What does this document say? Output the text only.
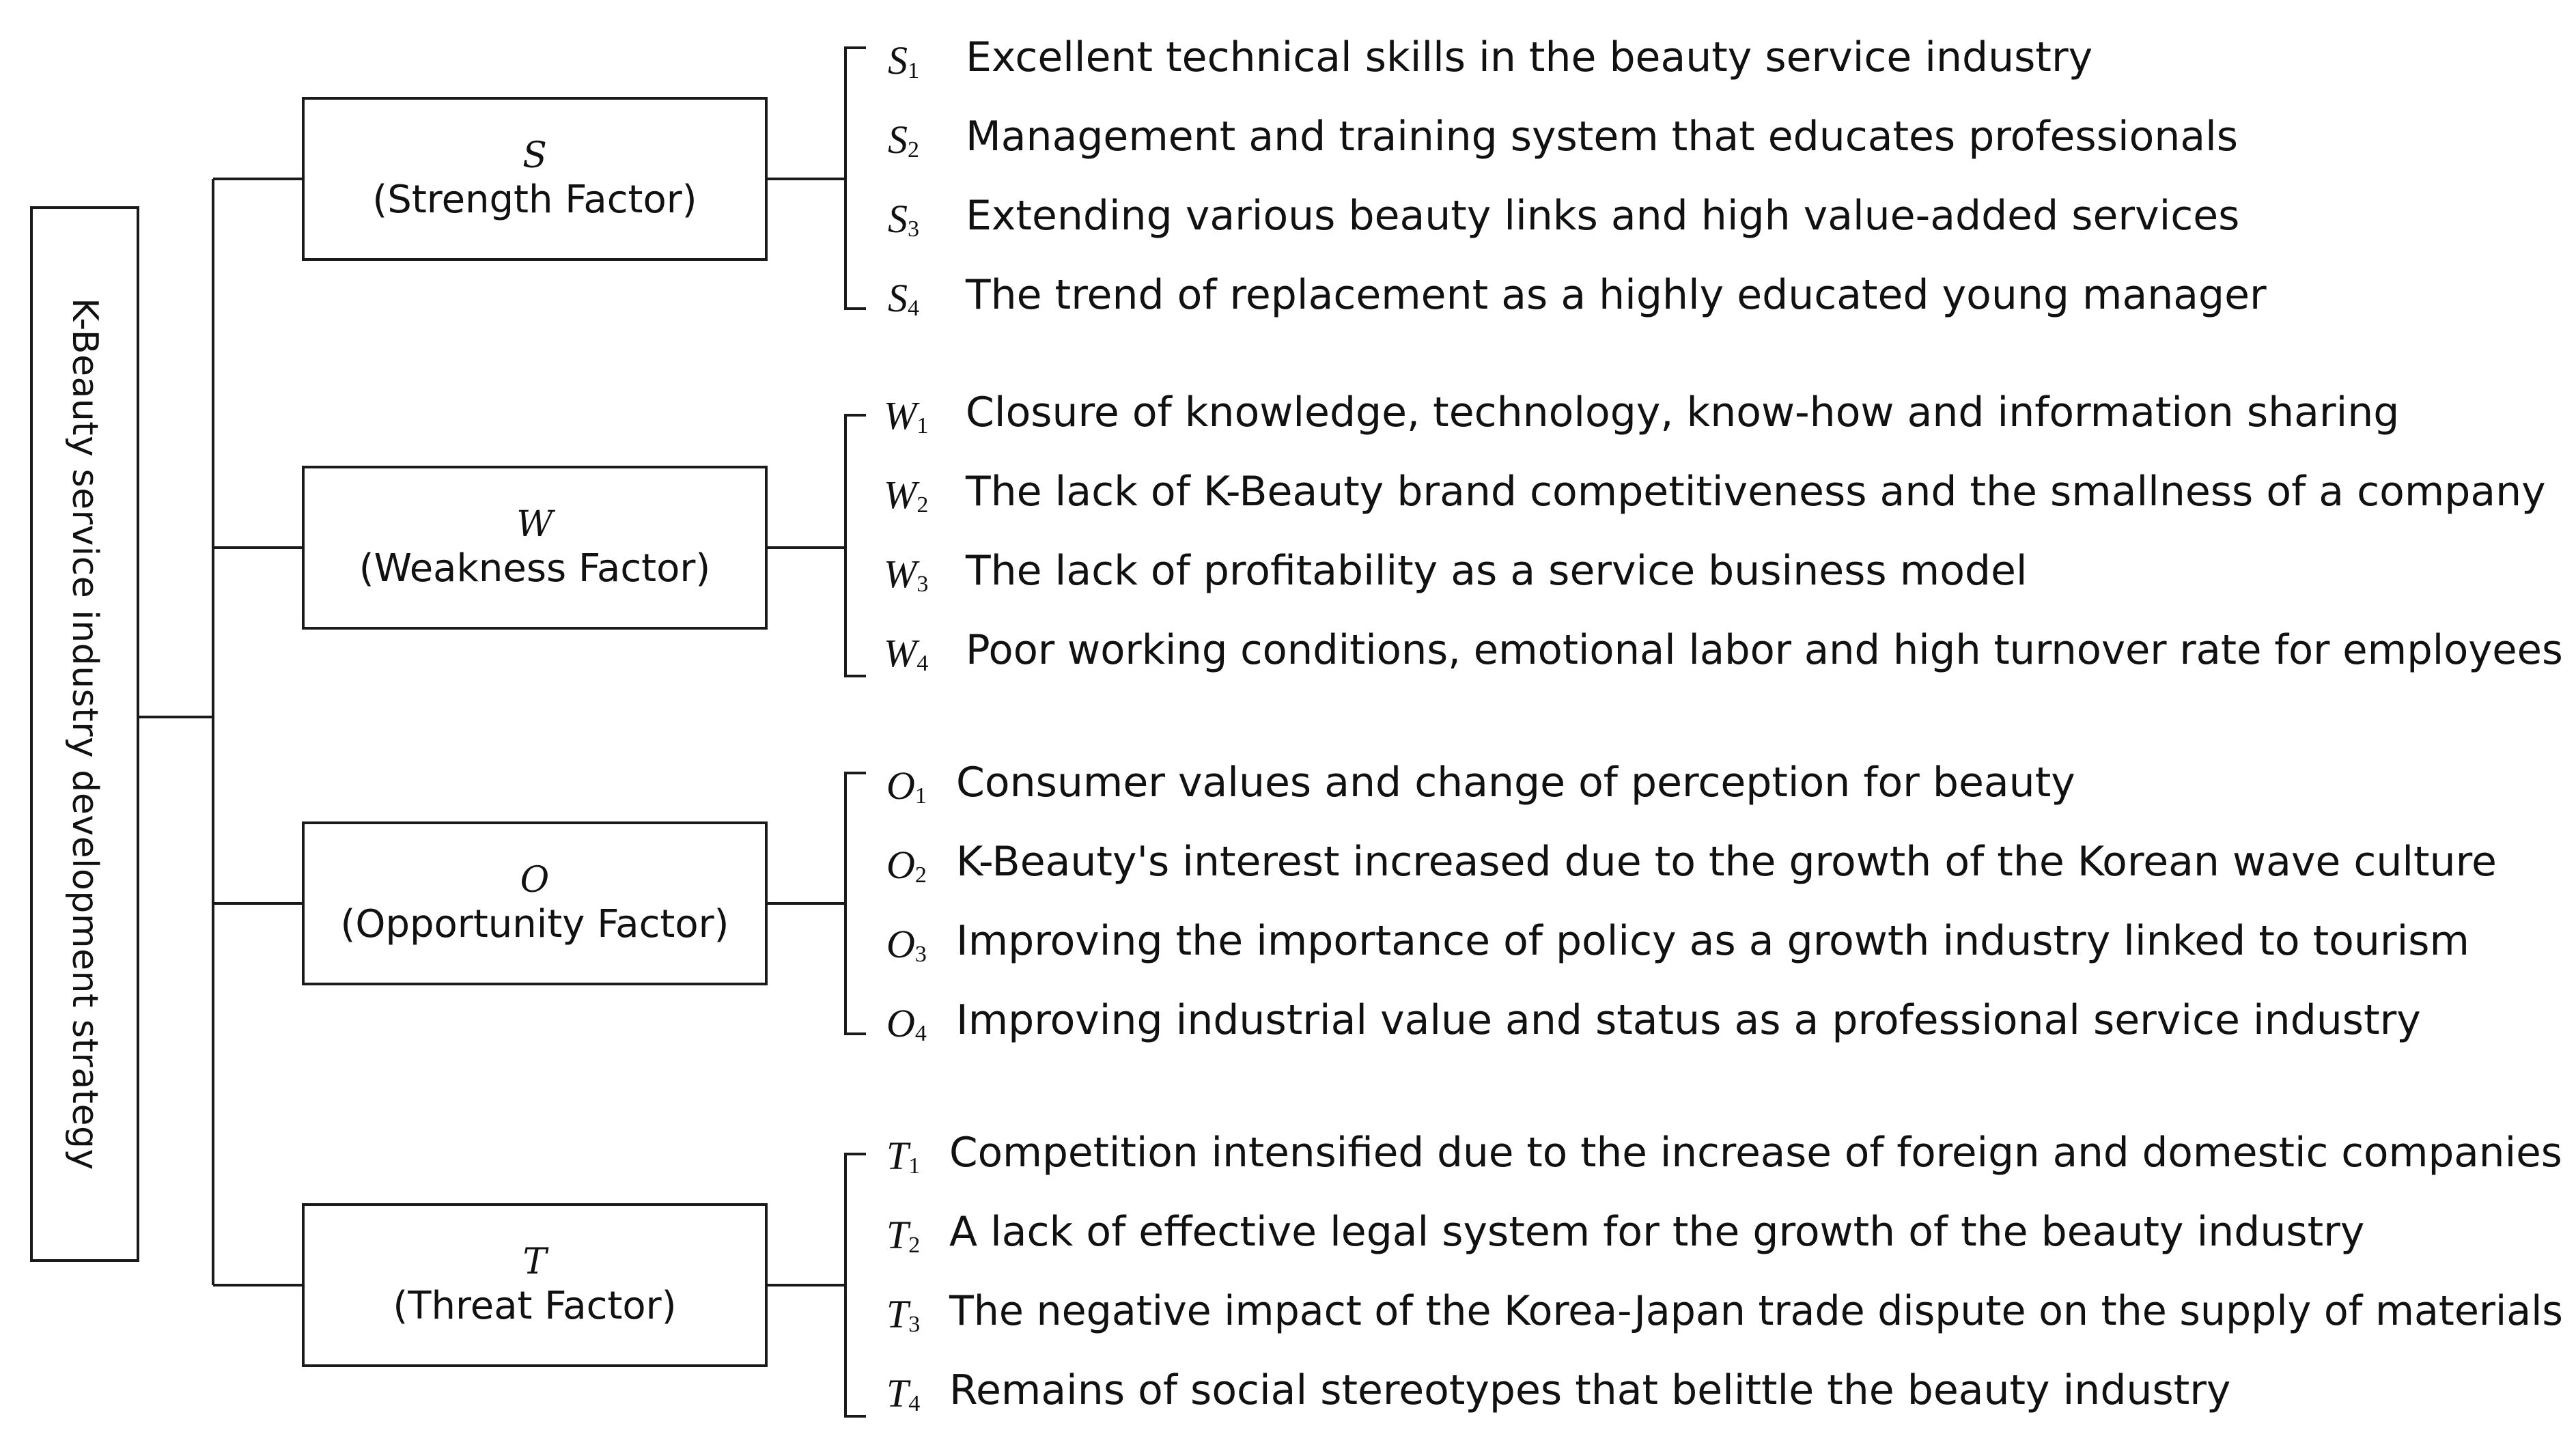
K-Beauty service industry development strategy
S
(Strength Factor)
W
(Weakness Factor)
O
(Opportunity Factor)
T
(Threat Factor)
$S_1$ Excellent technical skills in the beauty service industry
$S_2$ Management and training system that educates professionals
$S_3$ Extending various beauty links and high value-added services
$S_4$ The trend of replacement as a highly educated young manager
$W_1$ Closure of knowledge, technology, know-how and information sharing
$W_2$ The lack of K-Beauty brand competitiveness and the smallness of a company
$W_3$ The lack of profitability as a service business model
$W_4$ Poor working conditions, emotional labor and high turnover rate for employees
$O_1$ Consumer values and change of perception for beauty
$O_2$ K-Beauty's interest increased due to the growth of the Korean wave culture
$O_3$ Improving the importance of policy as a growth industry linked to tourism
$O_4$ Improving industrial value and status as a professional service industry
$T_1$ Competition intensified due to the increase of foreign and domestic companies
$T_2$ A lack of effective legal system for the growth of the beauty industry
$T_3$ The negative impact of the Korea-Japan trade dispute on the supply of materials
$T_4$ Remains of social stereotypes that belittle the beauty industry
